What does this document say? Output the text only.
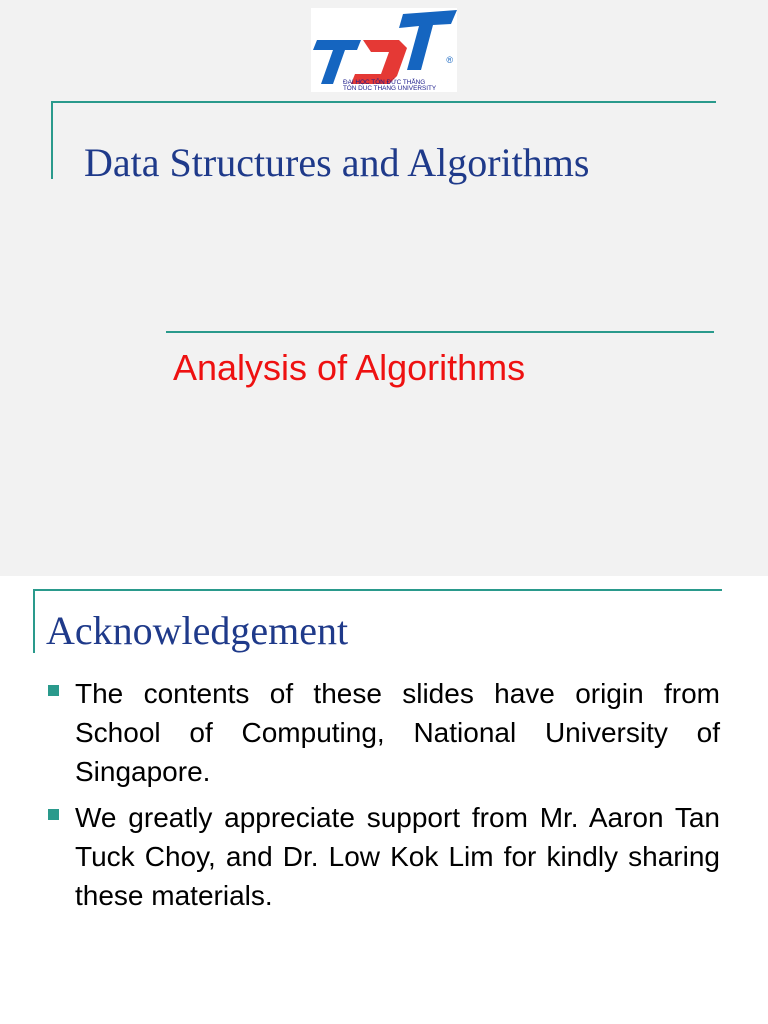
®
ĐẠI HỌC TÔN ĐỨC THẮNG
TON DUC THANG UNIVERSITY
Data Structures and Algorithms
Analysis of Algorithms
Acknowledgement
The contents of these slides have origin from School of Computing, National University of Singapore.
We greatly appreciate support from Mr. Aaron Tan Tuck Choy, and Dr. Low Kok Lim for kindly sharing these materials.
